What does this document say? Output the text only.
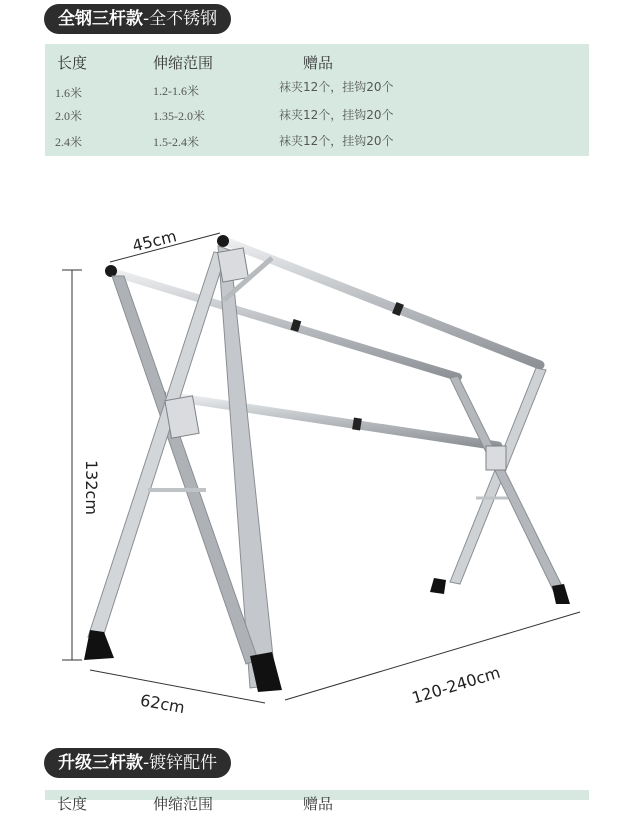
全钢三杆款-全不锈钢
长度	伸缩范围	赠品
1.6米	1.2-1.6米	袜夹12个，挂钩20个
2.0米	1.35-2.0米	袜夹12个，挂钩20个
2.4米	1.5-2.4米	袜夹12个，挂钩20个
45cm
132cm
62cm	120-240cm
升级三杆款-镀锌配件
长度	伸缩范围	赠品
